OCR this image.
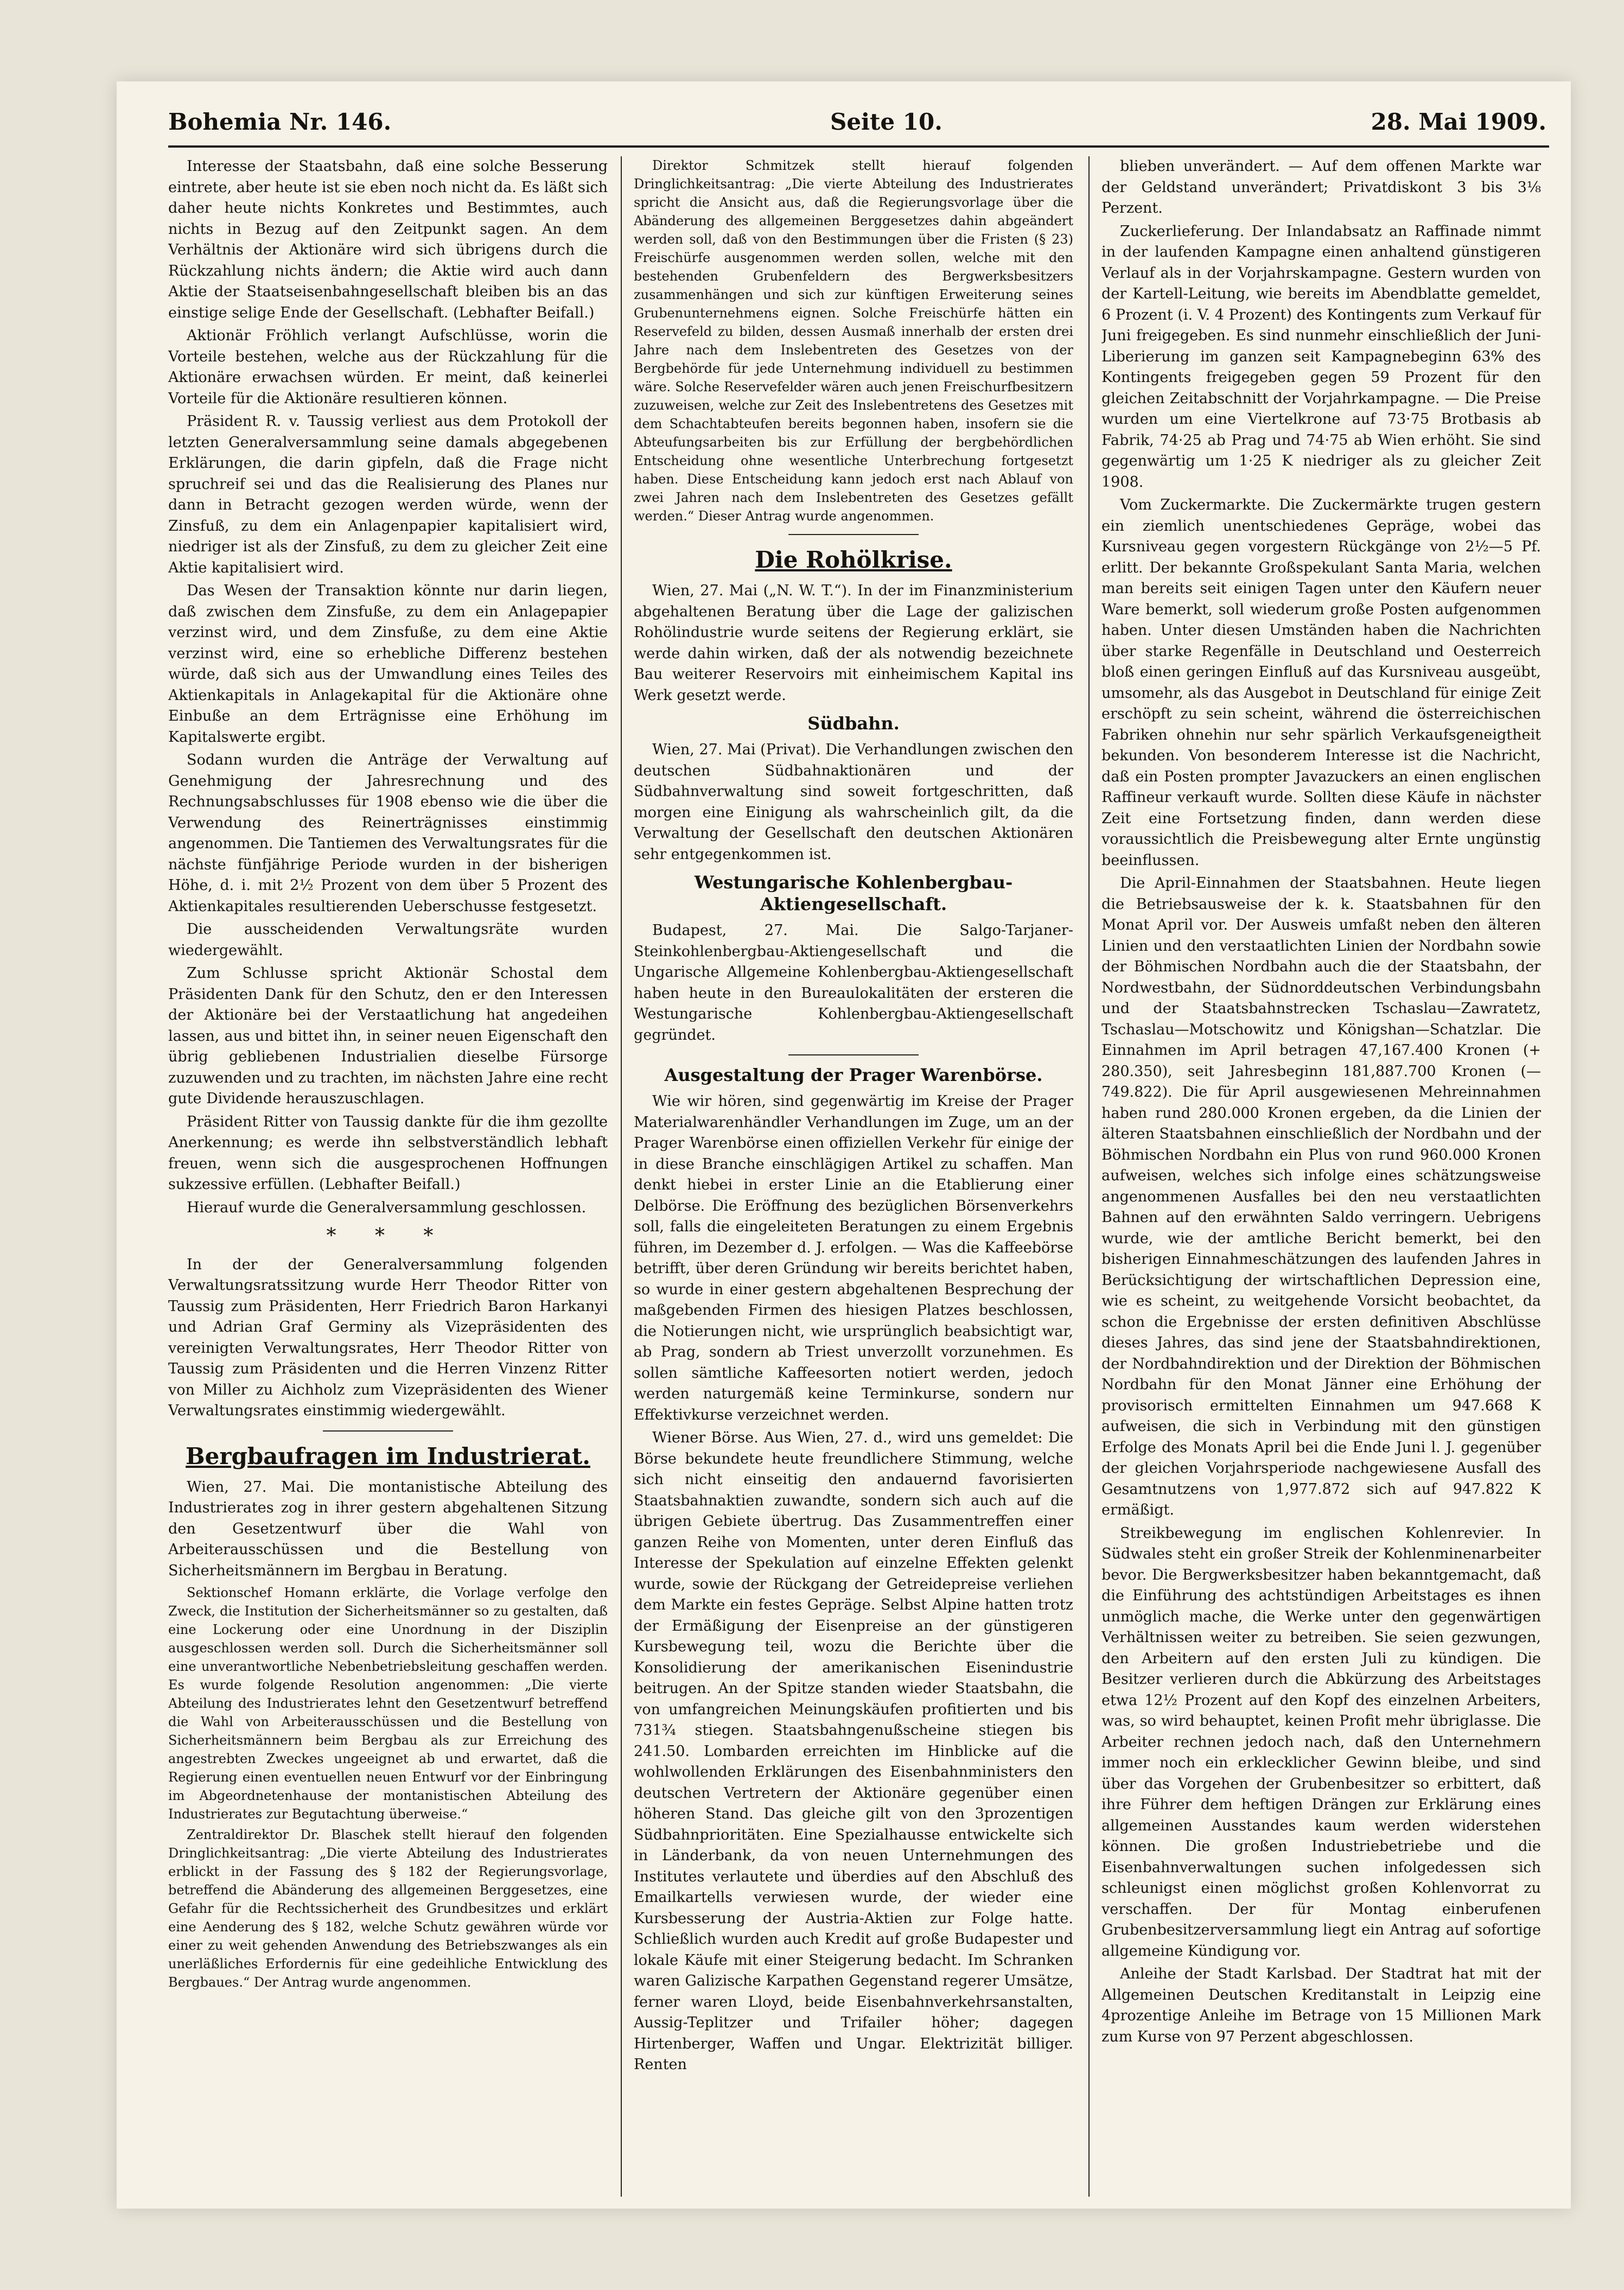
Bohemia Nr. 146.	Seite 10.	28. Mai 1909.

Interesse der Staatsbahn, daß eine solche Besserung eintrete, aber heute ist sie eben noch nicht da. Es läßt sich daher heute nichts Konkretes und Bestimmtes, auch nichts in Bezug auf den Zeitpunkt sagen. An dem Verhältnis der Aktionäre wird sich übrigens durch die Rückzahlung nichts ändern; die Aktie wird auch dann Aktie der Staatseisenbahngesellschaft bleiben bis an das einstige selige Ende der Gesellschaft. (Lebhafter Beifall.)

Aktionär Fröhlich verlangt Aufschlüsse, worin die Vorteile bestehen, welche aus der Rückzahlung für die Aktionäre erwachsen würden. Er meint, daß keinerlei Vorteile für die Aktionäre resultieren können.

Präsident R. v. Taussig verliest aus dem Protokoll der letzten Generalversammlung seine damals abgegebenen Erklärungen, die darin gipfeln, daß die Frage nicht spruchreif sei und das die Realisierung des Planes nur dann in Betracht gezogen werden würde, wenn der Zinsfuß, zu dem ein Anlagenpapier kapitalisiert wird, niedriger ist als der Zinsfuß, zu dem zu gleicher Zeit eine Aktie kapitalisiert wird.

Das Wesen der Transaktion könnte nur darin liegen, daß zwischen dem Zinsfuße, zu dem ein Anlagepapier verzinst wird, und dem Zinsfuße, zu dem eine Aktie verzinst wird, eine so erhebliche Differenz bestehen würde, daß sich aus der Umwandlung eines Teiles des Aktienkapitals in Anlagekapital für die Aktionäre ohne Einbuße an dem Erträgnisse eine Erhöhung im Kapitalswerte ergibt.

Sodann wurden die Anträge der Verwaltung auf Genehmigung der Jahresrechnung und des Rechnungsabschlusses für 1908 ebenso wie die über die Verwendung des Reinerträgnisses einstimmig angenommen. Die Tantiemen des Verwaltungsrates für die nächste fünfjährige Periode wurden in der bisherigen Höhe, d. i. mit 2½ Prozent von dem über 5 Prozent des Aktienkapitales resultierenden Ueberschusse festgesetzt.

Die ausscheidenden Verwaltungsräte wurden wiedergewählt.

Zum Schlusse spricht Aktionär Schostal dem Präsidenten Dank für den Schutz, den er den Interessen der Aktionäre bei der Verstaatlichung hat angedeihen lassen, aus und bittet ihn, in seiner neuen Eigenschaft den übrig gebliebenen Industrialien dieselbe Fürsorge zuzuwenden und zu trachten, im nächsten Jahre eine recht gute Dividende herauszuschlagen.

Präsident Ritter von Taussig dankte für die ihm gezollte Anerkennung; es werde ihn selbstverständlich lebhaft freuen, wenn sich die ausgesprochenen Hoffnungen sukzessive erfüllen. (Lebhafter Beifall.)

Hierauf wurde die Generalversammlung geschlossen.

* * *

In der der Generalversammlung folgenden Verwaltungsratssitzung wurde Herr Theodor Ritter von Taussig zum Präsidenten, Herr Friedrich Baron Harkanyi und Adrian Graf Germiny als Vizepräsidenten des vereinigten Verwaltungsrates, Herr Theodor Ritter von Taussig zum Präsidenten und die Herren Vinzenz Ritter von Miller zu Aichholz zum Vizepräsidenten des Wiener Verwaltungsrates einstimmig wiedergewählt.

Bergbaufragen im Industrierat.

Wien, 27. Mai. Die montanistische Abteilung des Industrierates zog in ihrer gestern abgehaltenen Sitzung den Gesetzentwurf über die Wahl von Arbeiterausschüssen und die Bestellung von Sicherheitsmännern im Bergbau in Beratung.

Sektionschef Homann erklärte, die Vorlage verfolge den Zweck, die Institution der Sicherheitsmänner so zu gestalten, daß eine Lockerung oder eine Unordnung in der Disziplin ausgeschlossen werden soll. Durch die Sicherheitsmänner soll eine unverantwortliche Nebenbetriebsleitung geschaffen werden. Es wurde folgende Resolution angenommen: „Die vierte Abteilung des Industrierates lehnt den Gesetzentwurf betreffend die Wahl von Arbeiterausschüssen und die Bestellung von Sicherheitsmännern beim Bergbau als zur Erreichung des angestrebten Zweckes ungeeignet ab und erwartet, daß die Regierung einen eventuellen neuen Entwurf vor der Einbringung im Abgeordnetenhause der montanistischen Abteilung des Industrierates zur Begutachtung überweise.“

Zentraldirektor Dr. Blaschek stellt hierauf den folgenden Dringlichkeitsantrag: „Die vierte Abteilung des Industrierates erblickt in der Fassung des § 182 der Regierungsvorlage, betreffend die Abänderung des allgemeinen Berggesetzes, eine Gefahr für die Rechtssicherheit des Grundbesitzes und erklärt eine Aenderung des § 182, welche Schutz gewähren würde vor einer zu weit gehenden Anwendung des Betriebszwanges als ein unerläßliches Erfordernis für eine gedeihliche Entwicklung des Bergbaues.“ Der Antrag wurde angenommen.

Direktor Schmitzek stellt hierauf folgenden Dringlichkeitsantrag: „Die vierte Abteilung des Industrierates spricht die Ansicht aus, daß die Regierungsvorlage über die Abänderung des allgemeinen Berggesetzes dahin abgeändert werden soll, daß von den Bestimmungen über die Fristen (§ 23) Freischürfe ausgenommen werden sollen, welche mit den bestehenden Grubenfeldern des Bergwerksbesitzers zusammenhängen und sich zur künftigen Erweiterung seines Grubenunternehmens eignen. Solche Freischürfe hätten ein Reservefeld zu bilden, dessen Ausmaß innerhalb der ersten drei Jahre nach dem Inslebentreten des Gesetzes von der Bergbehörde für jede Unternehmung individuell zu bestimmen wäre. Solche Reservefelder wären auch jenen Freischurfbesitzern zuzuweisen, welche zur Zeit des Inslebentretens des Gesetzes mit dem Schachtabteufen bereits begonnen haben, insofern sie die Abteufungsarbeiten bis zur Erfüllung der bergbehördlichen Entscheidung ohne wesentliche Unterbrechung fortgesetzt haben. Diese Entscheidung kann jedoch erst nach Ablauf von zwei Jahren nach dem Inslebentreten des Gesetzes gefällt werden.“ Dieser Antrag wurde angenommen.

Die Rohölkrise.

Wien, 27. Mai („N. W. T.“). In der im Finanzministerium abgehaltenen Beratung über die Lage der galizischen Rohölindustrie wurde seitens der Regierung erklärt, sie werde dahin wirken, daß der als notwendig bezeichnete Bau weiterer Reservoirs mit einheimischem Kapital ins Werk gesetzt werde.

Südbahn.

Wien, 27. Mai (Privat). Die Verhandlungen zwischen den deutschen Südbahnaktionären und der Südbahnverwaltung sind soweit fortgeschritten, daß morgen eine Einigung als wahrscheinlich gilt, da die Verwaltung der Gesellschaft den deutschen Aktionären sehr entgegenkommen ist.

Westungarische Kohlenbergbau-Aktiengesellschaft.

Budapest, 27. Mai. Die Salgo-Tarjaner-Steinkohlenbergbau-Aktiengesellschaft und die Ungarische Allgemeine Kohlenbergbau-Aktiengesellschaft haben heute in den Bureaulokalitäten der ersteren die Westungarische Kohlenbergbau-Aktiengesellschaft gegründet.

Ausgestaltung der Prager Warenbörse.

Wie wir hören, sind gegenwärtig im Kreise der Prager Materialwarenhändler Verhandlungen im Zuge, um an der Prager Warenbörse einen offiziellen Verkehr für einige der in diese Branche einschlägigen Artikel zu schaffen. Man denkt hiebei in erster Linie an die Etablierung einer Delbörse. Die Eröffnung des bezüglichen Börsenverkehrs soll, falls die eingeleiteten Beratungen zu einem Ergebnis führen, im Dezember d. J. erfolgen. — Was die Kaffeebörse betrifft, über deren Gründung wir bereits berichtet haben, so wurde in einer gestern abgehaltenen Besprechung der maßgebenden Firmen des hiesigen Platzes beschlossen, die Notierungen nicht, wie ursprünglich beabsichtigt war, ab Prag, sondern ab Triest unverzollt vorzunehmen. Es sollen sämtliche Kaffeesorten notiert werden, jedoch werden naturgemäß keine Terminkurse, sondern nur Effektivkurse verzeichnet werden.

Wiener Börse. Aus Wien, 27. d., wird uns gemeldet: Die Börse bekundete heute freundlichere Stimmung, welche sich nicht einseitig den andauernd favorisierten Staatsbahnaktien zuwandte, sondern sich auch auf die übrigen Gebiete übertrug. Das Zusammentreffen einer ganzen Reihe von Momenten, unter deren Einfluß das Interesse der Spekulation auf einzelne Effekten gelenkt wurde, sowie der Rückgang der Getreidepreise verliehen dem Markte ein festes Gepräge. Selbst Alpine hatten trotz der Ermäßigung der Eisenpreise an der günstigeren Kursbewegung teil, wozu die Berichte über die Konsolidierung der amerikanischen Eisenindustrie beitrugen. An der Spitze standen wieder Staatsbahn, die von umfangreichen Meinungskäufen profitierten und bis 731¾ stiegen. Staatsbahngenußscheine stiegen bis 241.50. Lombarden erreichten im Hinblicke auf die wohlwollenden Erklärungen des Eisenbahnministers den deutschen Vertretern der Aktionäre gegenüber einen höheren Stand. Das gleiche gilt von den 3prozentigen Südbahnprioritäten. Eine Spezialhausse entwickelte sich in Länderbank, da von neuen Unternehmungen des Institutes verlautete und überdies auf den Abschluß des Emailkartells verwiesen wurde, der wieder eine Kursbesserung der Austria-Aktien zur Folge hatte. Schließlich wurden auch Kredit auf große Budapester und lokale Käufe mit einer Steigerung bedacht. Im Schranken waren Galizische Karpathen Gegenstand regerer Umsätze, ferner waren Lloyd, beide Eisenbahnverkehrsanstalten, Aussig-Teplitzer und Trifailer höher; dagegen Hirtenberger, Waffen und Ungar. Elektrizität billiger. Renten

blieben unverändert. — Auf dem offenen Markte war der Geldstand unverändert; Privatdiskont 3 bis 3⅛ Perzent.

Zuckerlieferung. Der Inlandabsatz an Raffinade nimmt in der laufenden Kampagne einen anhaltend günstigeren Verlauf als in der Vorjahrskampagne. Gestern wurden von der Kartell-Leitung, wie bereits im Abendblatte gemeldet, 6 Prozent (i. V. 4 Prozent) des Kontingents zum Verkauf für Juni freigegeben. Es sind nunmehr einschließlich der Juni-Liberierung im ganzen seit Kampagnebeginn 63% des Kontingents freigegeben gegen 59 Prozent für den gleichen Zeitabschnitt der Vorjahrkampagne. — Die Preise wurden um eine Viertelkrone auf 73·75 Brotbasis ab Fabrik, 74·25 ab Prag und 74·75 ab Wien erhöht. Sie sind gegenwärtig um 1·25 K niedriger als zu gleicher Zeit 1908.

Vom Zuckermarkte. Die Zuckermärkte trugen gestern ein ziemlich unentschiedenes Gepräge, wobei das Kursniveau gegen vorgestern Rückgänge von 2½—5 Pf. erlitt. Der bekannte Großspekulant Santa Maria, welchen man bereits seit einigen Tagen unter den Käufern neuer Ware bemerkt, soll wiederum große Posten aufgenommen haben. Unter diesen Umständen haben die Nachrichten über starke Regenfälle in Deutschland und Oesterreich bloß einen geringen Einfluß auf das Kursniveau ausgeübt, umsomehr, als das Ausgebot in Deutschland für einige Zeit erschöpft zu sein scheint, während die österreichischen Fabriken ohnehin nur sehr spärlich Verkaufsgeneigtheit bekunden. Von besonderem Interesse ist die Nachricht, daß ein Posten prompter Javazuckers an einen englischen Raffineur verkauft wurde. Sollten diese Käufe in nächster Zeit eine Fortsetzung finden, dann werden diese voraussichtlich die Preisbewegung alter Ernte ungünstig beeinflussen.

Die April-Einnahmen der Staatsbahnen. Heute liegen die Betriebsausweise der k. k. Staatsbahnen für den Monat April vor. Der Ausweis umfaßt neben den älteren Linien und den verstaatlichten Linien der Nordbahn sowie der Böhmischen Nordbahn auch die der Staatsbahn, der Nordwestbahn, der Südnorddeutschen Verbindungsbahn und der Staatsbahnstrecken Tschaslau—Zawratetz, Tschaslau—Motschowitz und Königshan—Schatzlar. Die Einnahmen im April betragen 47,167.400 Kronen (+ 280.350), seit Jahresbeginn 181,887.700 Kronen (— 749.822). Die für April ausgewiesenen Mehreinnahmen haben rund 280.000 Kronen ergeben, da die Linien der älteren Staatsbahnen einschließlich der Nordbahn und der Böhmischen Nordbahn ein Plus von rund 960.000 Kronen aufweisen, welches sich infolge eines schätzungsweise angenommenen Ausfalles bei den neu verstaatlichten Bahnen auf den erwähnten Saldo verringern. Uebrigens wurde, wie der amtliche Bericht bemerkt, bei den bisherigen Einnahmeschätzungen des laufenden Jahres in Berücksichtigung der wirtschaftlichen Depression eine, wie es scheint, zu weitgehende Vorsicht beobachtet, da schon die Ergebnisse der ersten definitiven Abschlüsse dieses Jahres, das sind jene der Staatsbahndirektionen, der Nordbahndirektion und der Direktion der Böhmischen Nordbahn für den Monat Jänner eine Erhöhung der provisorisch ermittelten Einnahmen um 947.668 K aufweisen, die sich in Verbindung mit den günstigen Erfolge des Monats April bei die Ende Juni l. J. gegenüber der gleichen Vorjahrsperiode nachgewiesene Ausfall des Gesamtnutzens von 1,977.872 sich auf 947.822 K ermäßigt.

Streikbewegung im englischen Kohlenrevier. In Südwales steht ein großer Streik der Kohlenminenarbeiter bevor. Die Bergwerksbesitzer haben bekanntgemacht, daß die Einführung des achtstündigen Arbeitstages es ihnen unmöglich mache, die Werke unter den gegenwärtigen Verhältnissen weiter zu betreiben. Sie seien gezwungen, den Arbeitern auf den ersten Juli zu kündigen. Die Besitzer verlieren durch die Abkürzung des Arbeitstages etwa 12½ Prozent auf den Kopf des einzelnen Arbeiters, was, so wird behauptet, keinen Profit mehr übriglasse. Die Arbeiter rechnen jedoch nach, daß den Unternehmern immer noch ein erklecklicher Gewinn bleibe, und sind über das Vorgehen der Grubenbesitzer so erbittert, daß ihre Führer dem heftigen Drängen zur Erklärung eines allgemeinen Ausstandes kaum werden widerstehen können. Die großen Industriebetriebe und die Eisenbahnverwaltungen suchen infolgedessen sich schleunigst einen möglichst großen Kohlenvorrat zu verschaffen. Der für Montag einberufenen Grubenbesitzerversammlung liegt ein Antrag auf sofortige allgemeine Kündigung vor.

Anleihe der Stadt Karlsbad. Der Stadtrat hat mit der Allgemeinen Deutschen Kreditanstalt in Leipzig eine 4prozentige Anleihe im Betrage von 15 Millionen Mark zum Kurse von 97 Perzent abgeschlossen.
